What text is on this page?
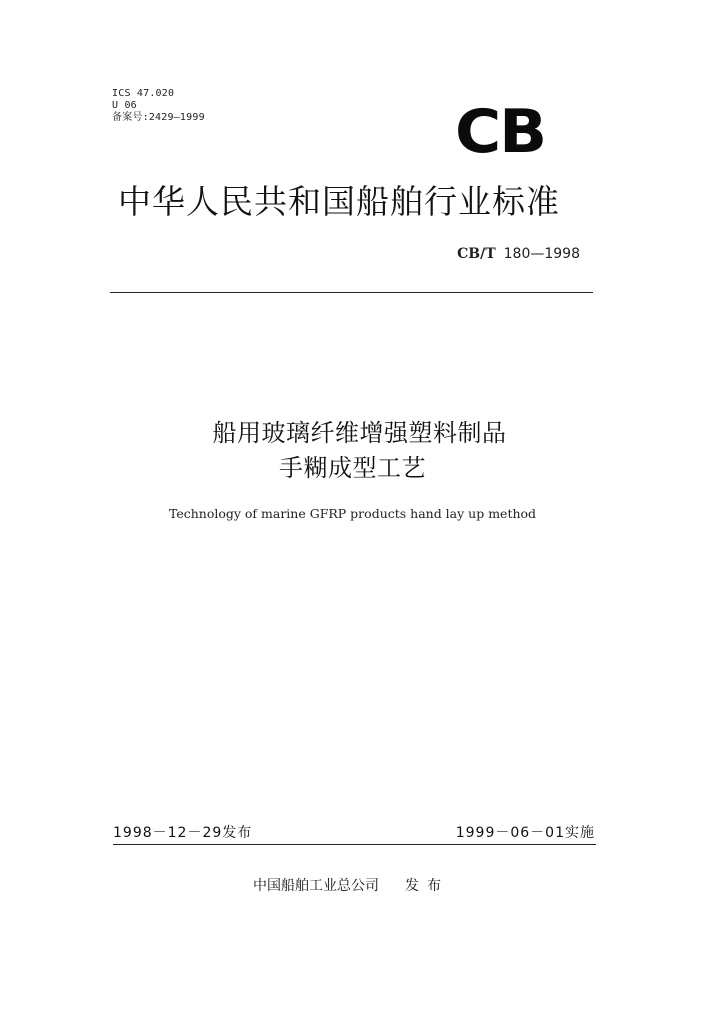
ICS 47.020
U 06
备案号:2429—1999	CB
中华人民共和国船舶行业标准
CB/T 180—1998
船用玻璃纤维增强塑料制品
手糊成型工艺
Technology of marine GFRP products hand lay up method
1998－12－29发布	1999－06－01实施
中国船舶工业总公司 发布
